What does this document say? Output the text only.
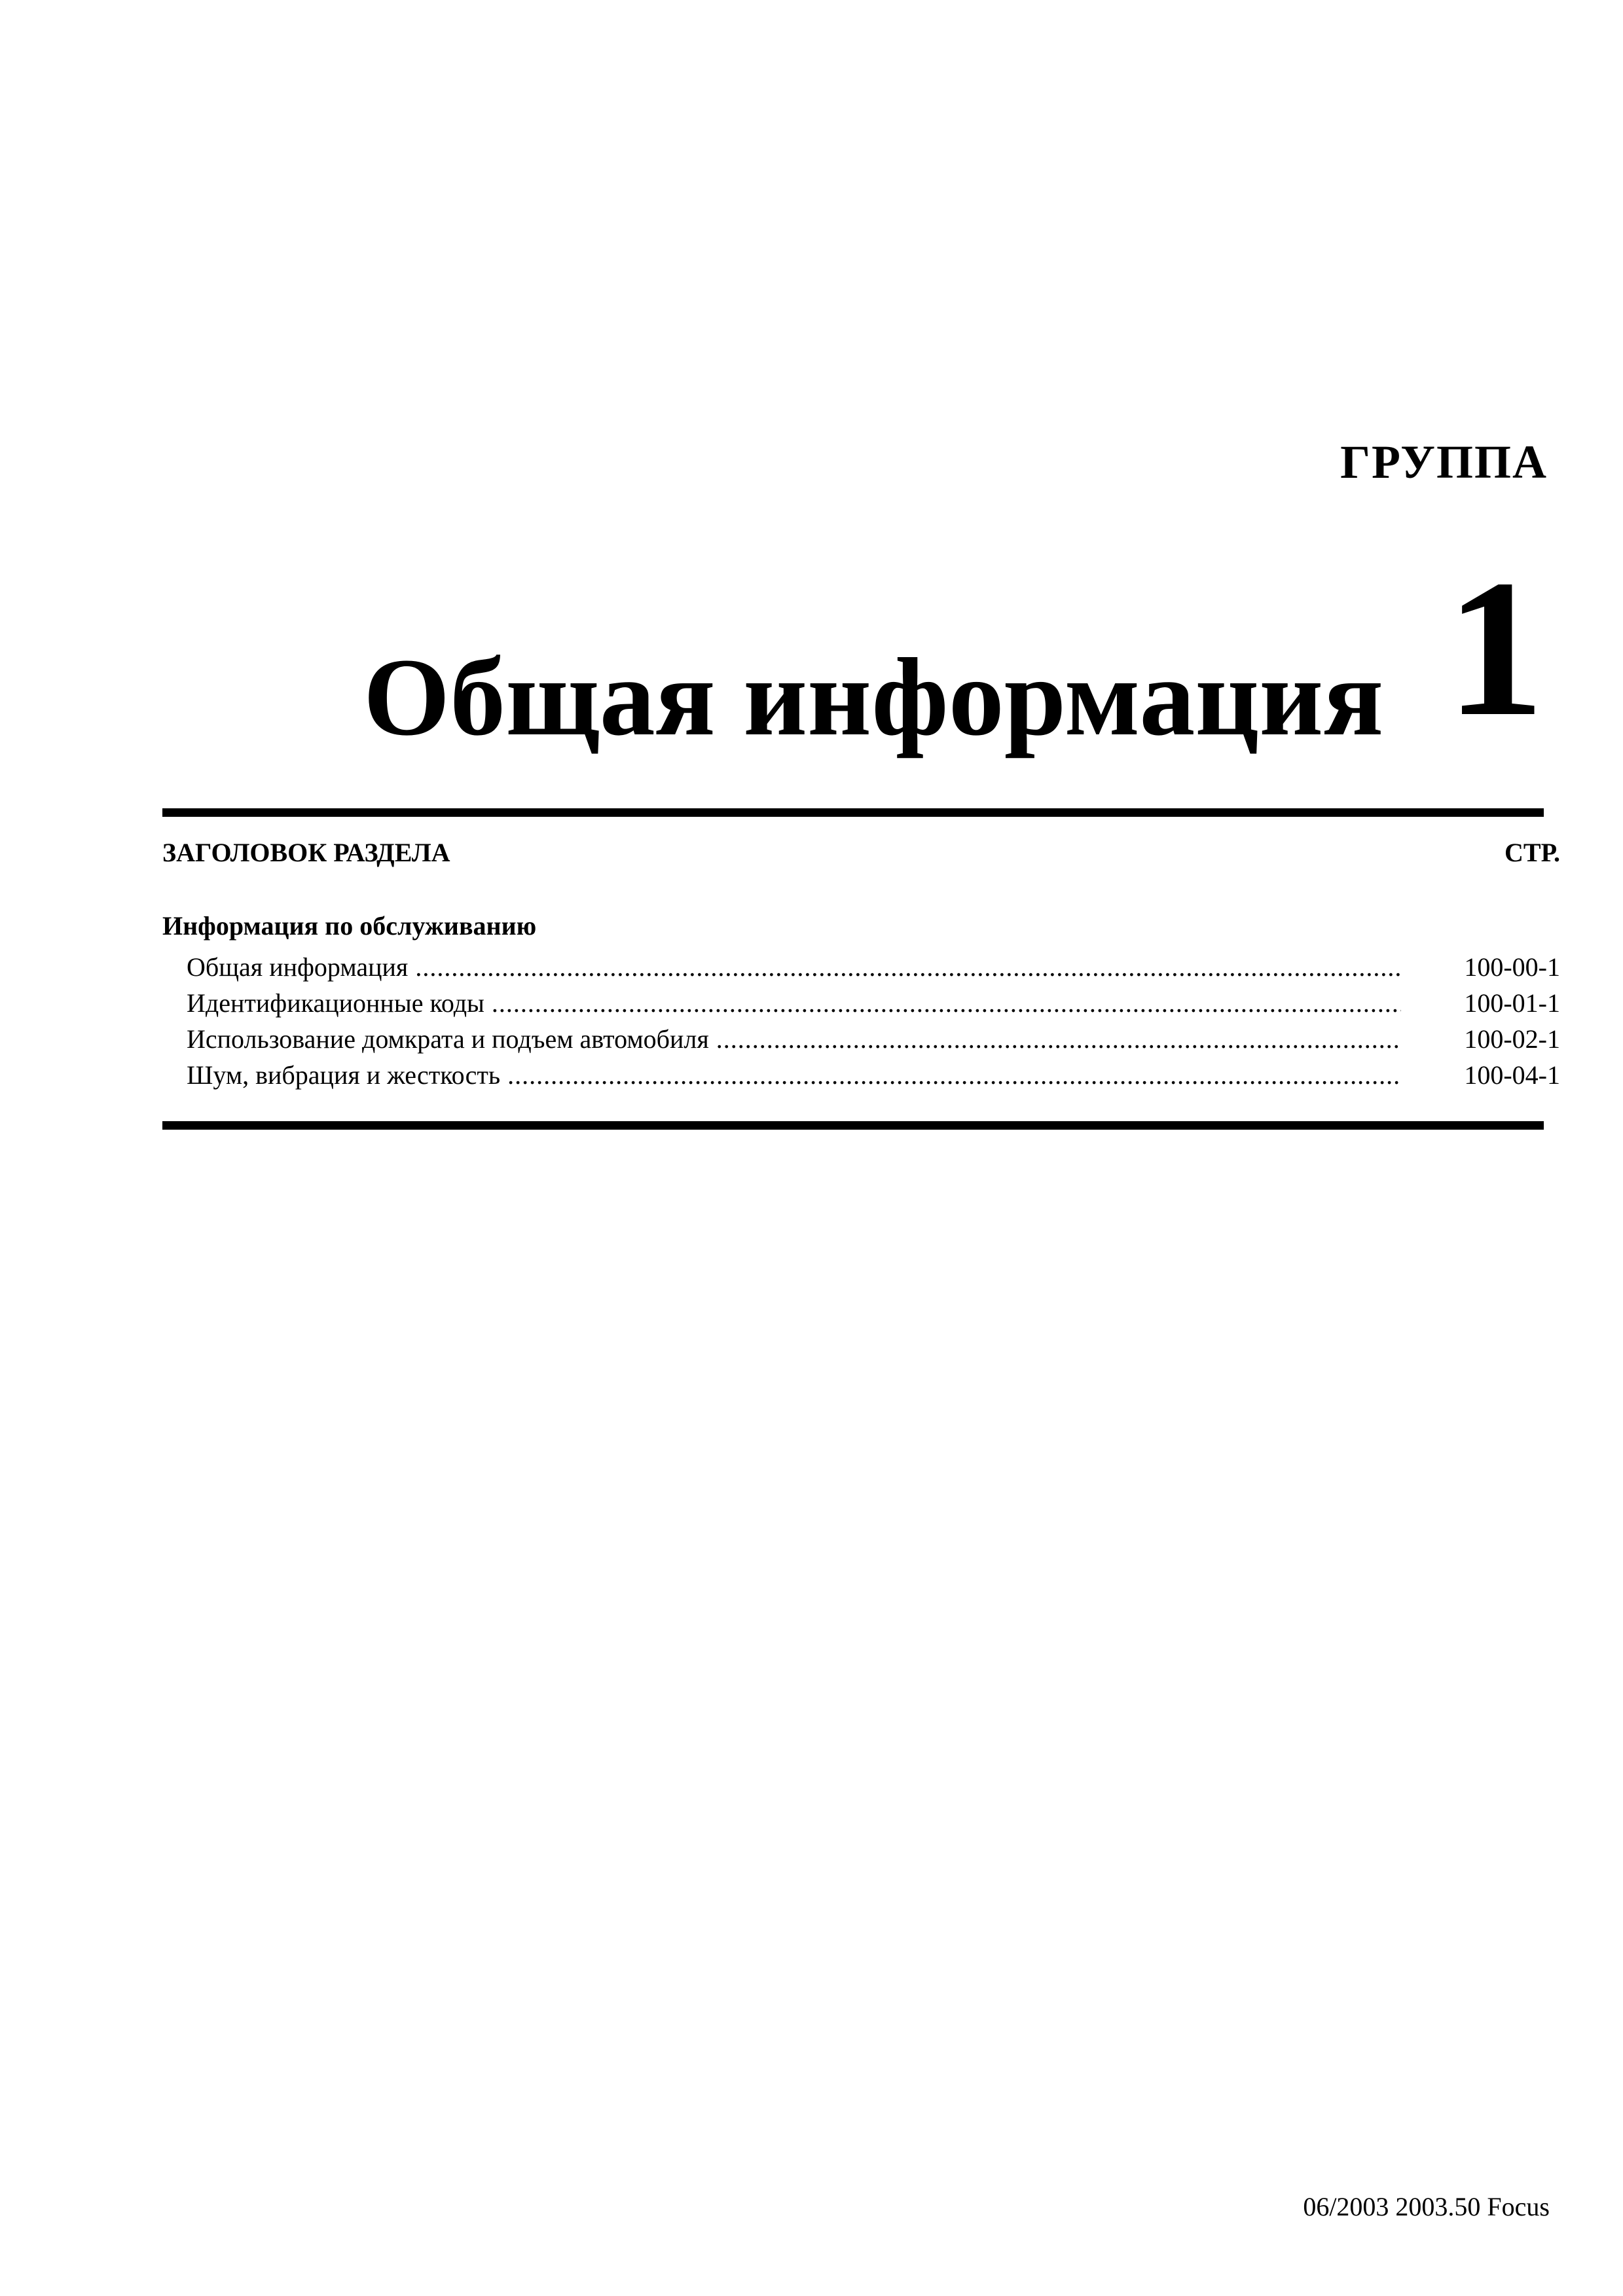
ГРУППА
1
Общая информация
ЗАГОЛОВОК РАЗДЕЛА	СТР.
Информация по обслуживанию
Общая информация .....	100-00-1
Идентификационные коды .....	100-01-1
Использование домкрата и подъем автомобиля .....	100-02-1
Шум, вибрация и жесткость .....	100-04-1
06/2003 2003.50 Focus
